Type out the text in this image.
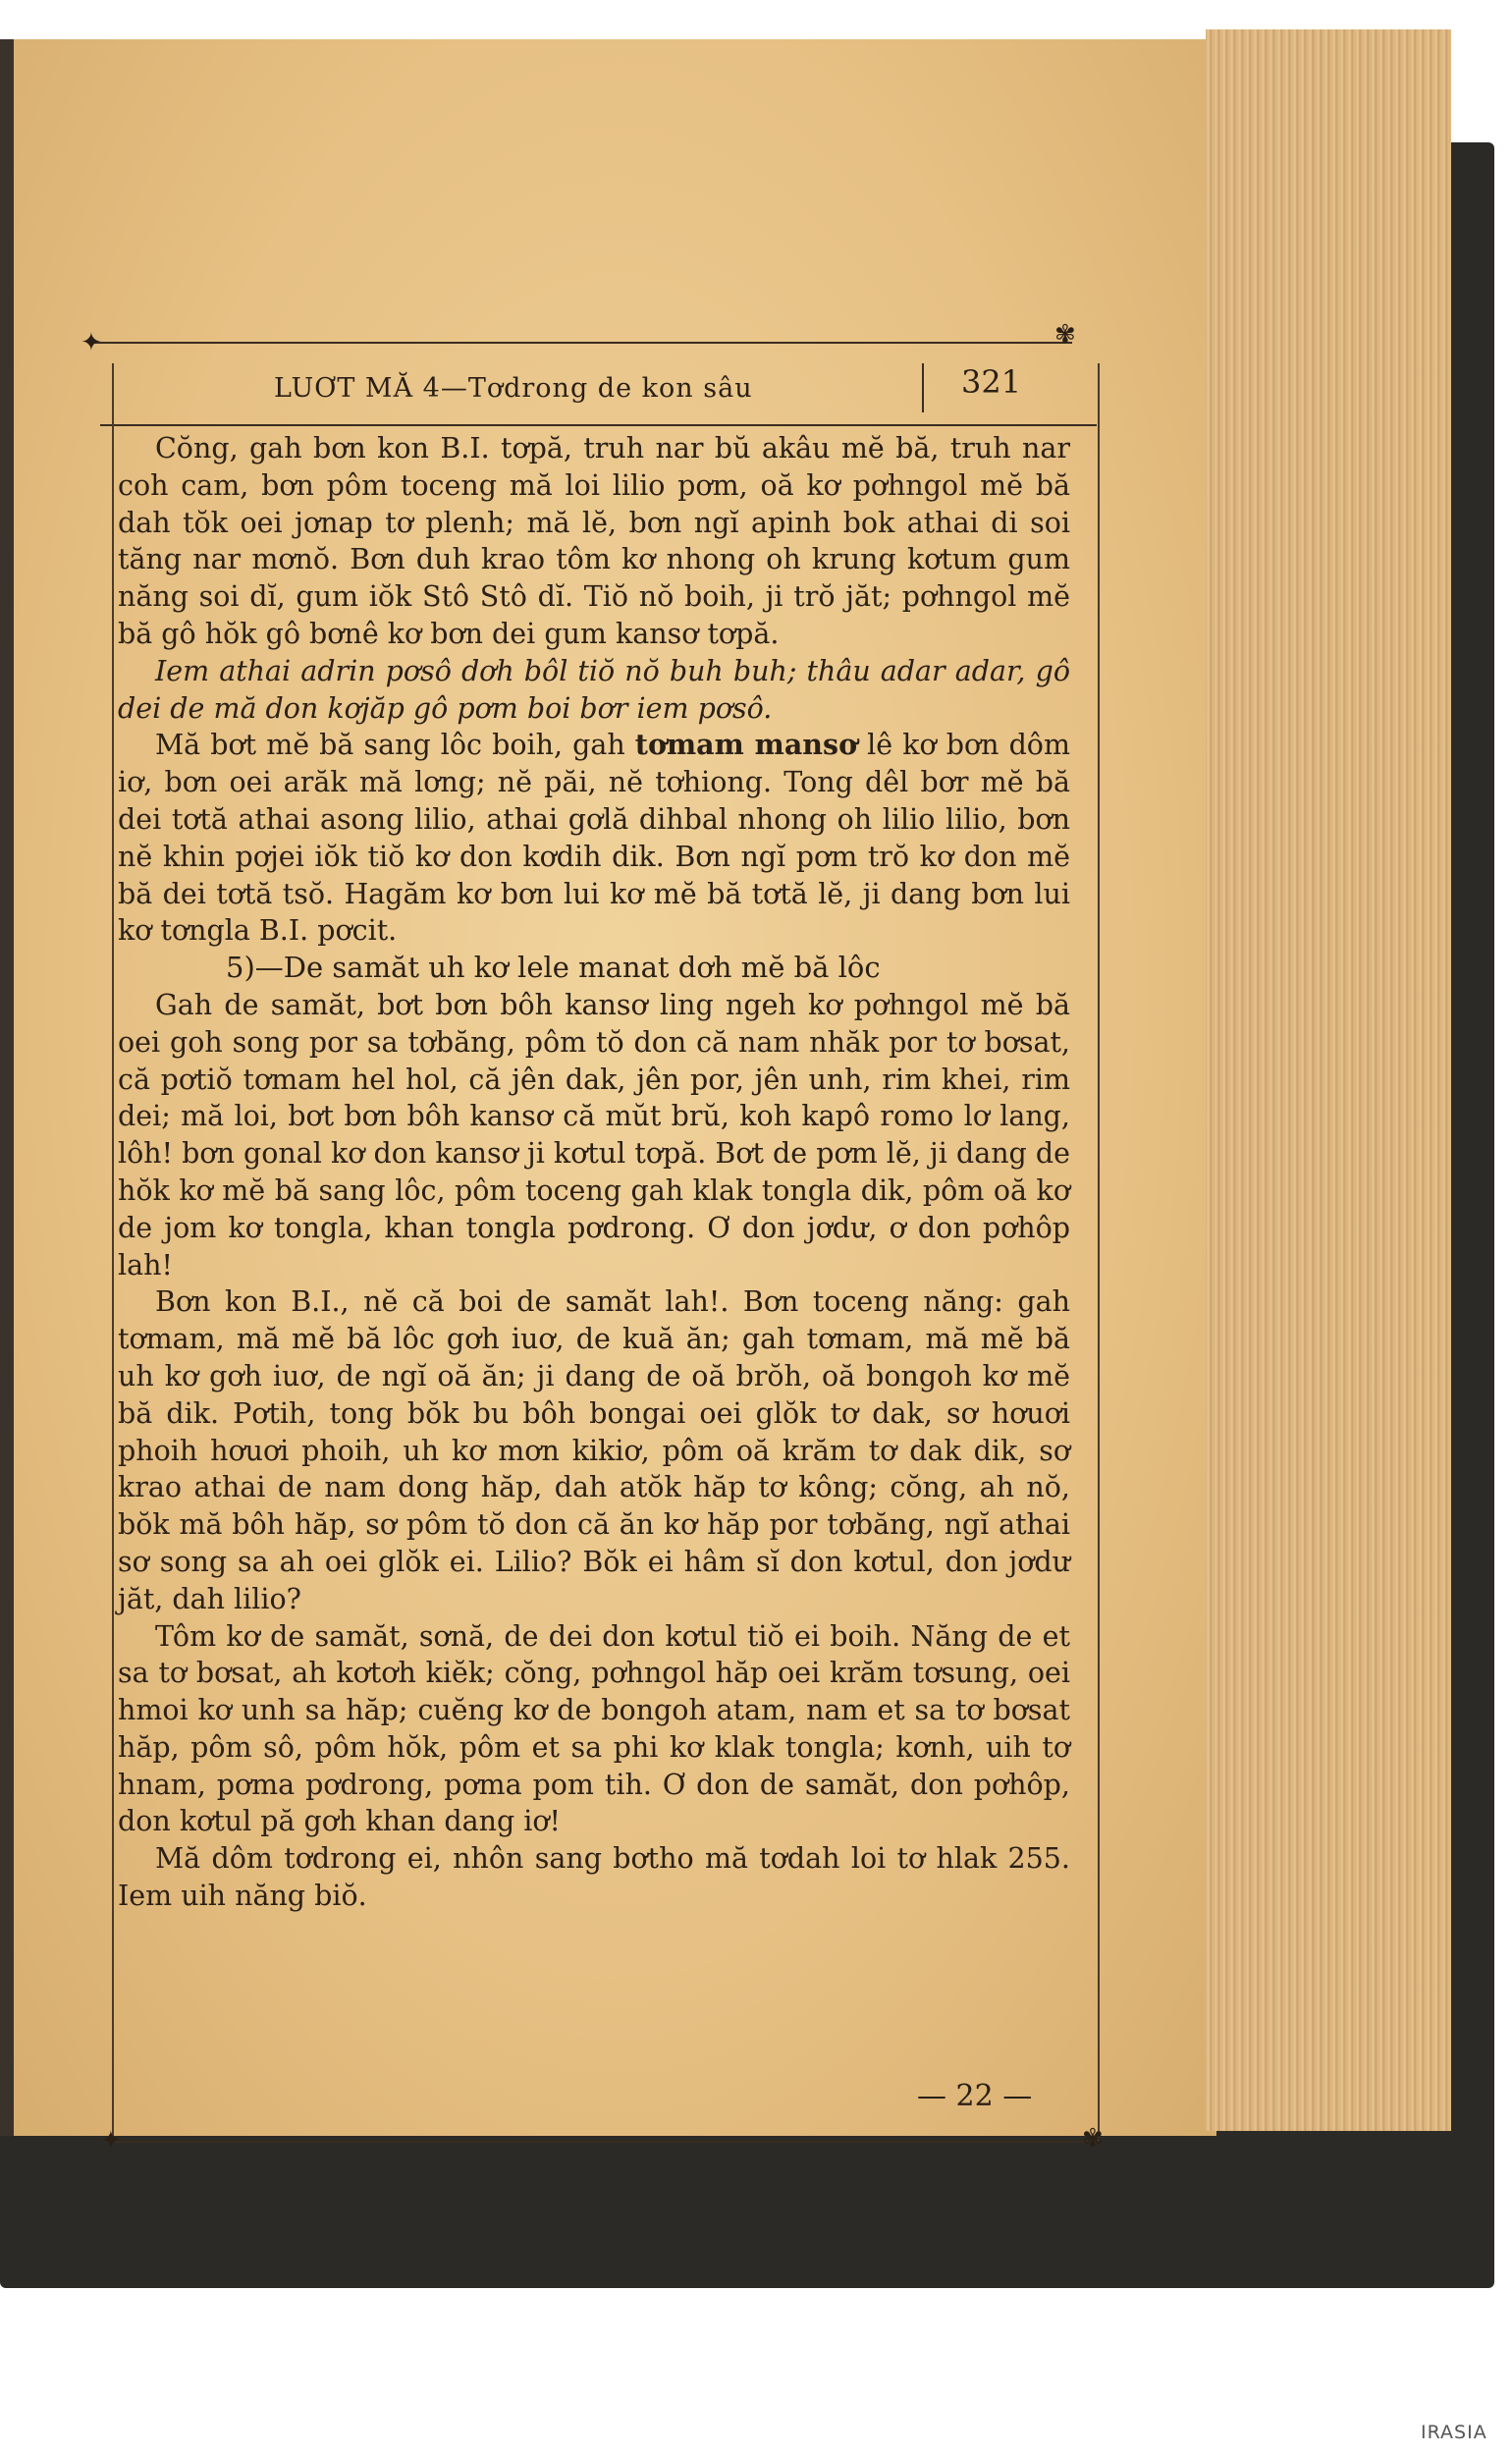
✦	✾
LUƠT MĂ 4—Tơdrong de kon sâu	321

Cŏng, gah bơn kon B.I. tơpă, truh nar bŭ akâu mĕ bă, truh nar coh cam, bơn pôm toceng mă loi lilio pơm, oă kơ pơhngol mĕ bă dah tŏk oei jơnap tơ plenh; mă lĕ, bơn ngĭ apinh bok athai di soi tăng nar mơnŏ. Bơn duh krao tôm kơ nhong oh krung kơtum gum năng soi dĭ, gum iŏk Stô Stô dĭ. Tiŏ nŏ boih, ji trŏ jăt; pơhngol mĕ bă gô hŏk gô bơnê kơ bơn dei gum kansơ tơpă.

Iem athai adrin pơsô dơh bôl tiŏ nŏ buh buh; thâu adar adar, gô dei de mă don kơjăp gô pơm boi bơr iem pơsô.

Mă bơt mĕ bă sang lôc boih, gah tơmam mansơ lê kơ bơn dôm iơ, bơn oei arăk mă lơng; nĕ păi, nĕ tơhiong. Tong dêl bơr mĕ bă dei tơtă athai asong lilio, athai gơlă dihbal nhong oh lilio lilio, bơn nĕ khin pơjei iŏk tiŏ kơ don kơdih dik. Bơn ngĭ pơm trŏ kơ don mĕ bă dei tơtă tsŏ. Hagăm kơ bơn lui kơ mĕ bă tơtă lĕ, ji dang bơn lui kơ tơngla B.I. pơcit.

5)—De samăt uh kơ lele manat dơh mĕ bă lôc

Gah de samăt, bơt bơn bôh kansơ ling ngeh kơ pơhngol mĕ bă oei goh song por sa tơbăng, pôm tŏ don că nam nhăk por tơ bơsat, că pơtiŏ tơmam hel hol, că jên dak, jên por, jên unh, rim khei, rim dei; mă loi, bơt bơn bôh kansơ că mŭt brŭ, koh kapô romo lơ lang, lôh! bơn gonal kơ don kansơ ji kơtul tơpă. Bơt de pơm lĕ, ji dang de hŏk kơ mĕ bă sang lôc, pôm toceng gah klak tongla dik, pôm oă kơ de jom kơ tongla, khan tongla pơdrong. Ơ don jơdư, ơ don pơhôp lah!

Bơn kon B.I., nĕ că boi de samăt lah!. Bơn toceng năng: gah tơmam, mă mĕ bă lôc gơh iuơ, de kuă ăn; gah tơmam, mă mĕ bă uh kơ gơh iuơ, de ngĭ oă ăn; ji dang de oă brŏh, oă bongoh kơ mĕ bă dik. Pơtih, tong bŏk bu bôh bongai oei glŏk tơ dak, sơ hơuơi phoih hơuơi phoih, uh kơ mơn kikiơ, pôm oă krăm tơ dak dik, sơ krao athai de nam dong hăp, dah atŏk hăp tơ kông; cŏng, ah nŏ, bŏk mă bôh hăp, sơ pôm tŏ don că ăn kơ hăp por tơbăng, ngĭ athai sơ song sa ah oei glŏk ei. Lilio? Bŏk ei hâm sĭ don kơtul, don jơdư jăt, dah lilio?

Tôm kơ de samăt, sơnă, de dei don kơtul tiŏ ei boih. Năng de et sa tơ bơsat, ah kơtơh kiĕk; cŏng, pơhngol hăp oei krăm tơsung, oei hmoi kơ unh sa hăp; cuĕng kơ de bongoh atam, nam et sa tơ bơsat hăp, pôm sô, pôm hŏk, pôm et sa phi kơ klak tongla; kơnh, uih tơ hnam, pơma pơdrong, pơma pom tih. Ơ don de samăt, don pơhôp, don kơtul pă gơh khan dang iơ!

Mă dôm tơdrong ei, nhôn sang bơtho mă tơdah loi tơ hlak 255. Iem uih năng biŏ.

— 22 —
✦	✾
IRASIA
